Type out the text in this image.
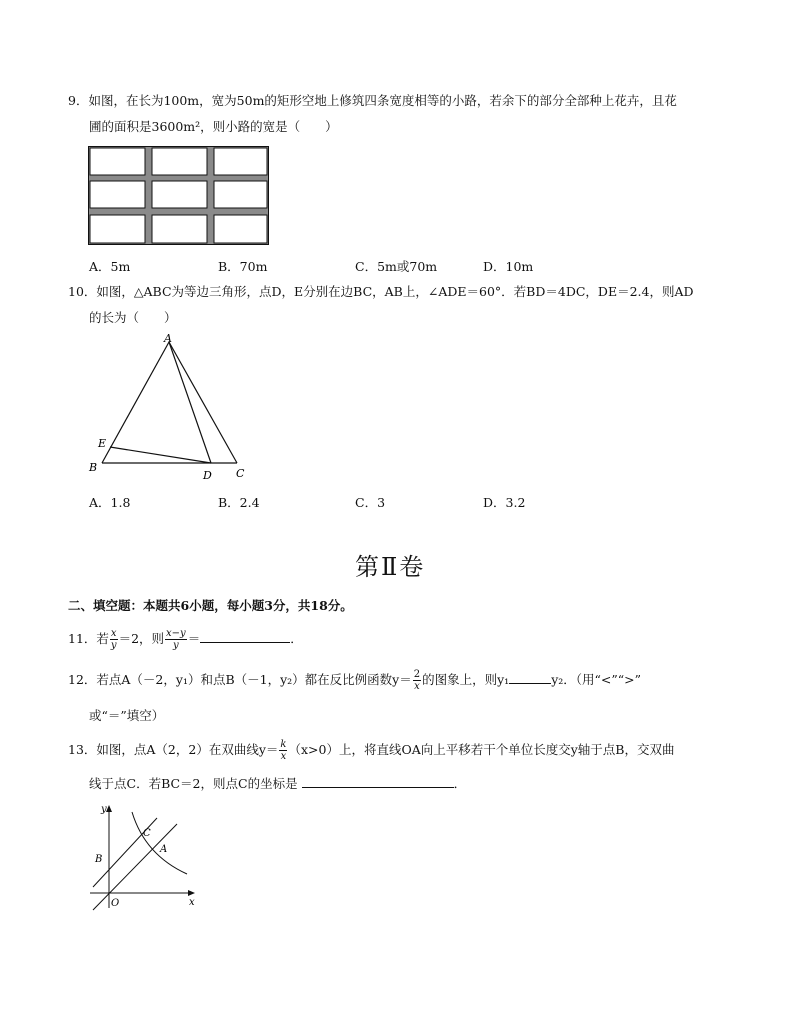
9．如图，在长为100m，宽为50m的矩形空地上修筑四条宽度相等的小路，若余下的部分全部种上花卉，且花
圃的面积是3600m²，则小路的宽是（　　）
A．5m	B．70m	C．5m或70m	D．10m
10．如图，△ABC为等边三角形，点D，E分别在边BC，AB上，∠ADE＝60°．若BD＝4DC，DE＝2.4，则AD
的长为（　　）
A
B	C
D
E
A．1.8	B．2.4	C．3	D．3.2
第Ⅱ卷
二、填空题：本题共6小题，每小题3分，共18分。
11．若 $\frac{x}{y} =2$，则 $\frac{x-y}{y}$ ＝	．
12．若点A（－2，y₁）和点B（－1，y₂）都在反比例函数$y= \frac{2}{x}$ 的图象上，则y₁	y₂．（用“<”“>”
或“＝”填空）
13．如图，点A（2，2）在双曲线$y= \frac{k}{x} (x>0)$上，将直线OA向上平移若干个单位长度交y轴于点B，交双曲
线于点C．若BC＝2，则点C的坐标是	．
y
x
O
A
B
C
